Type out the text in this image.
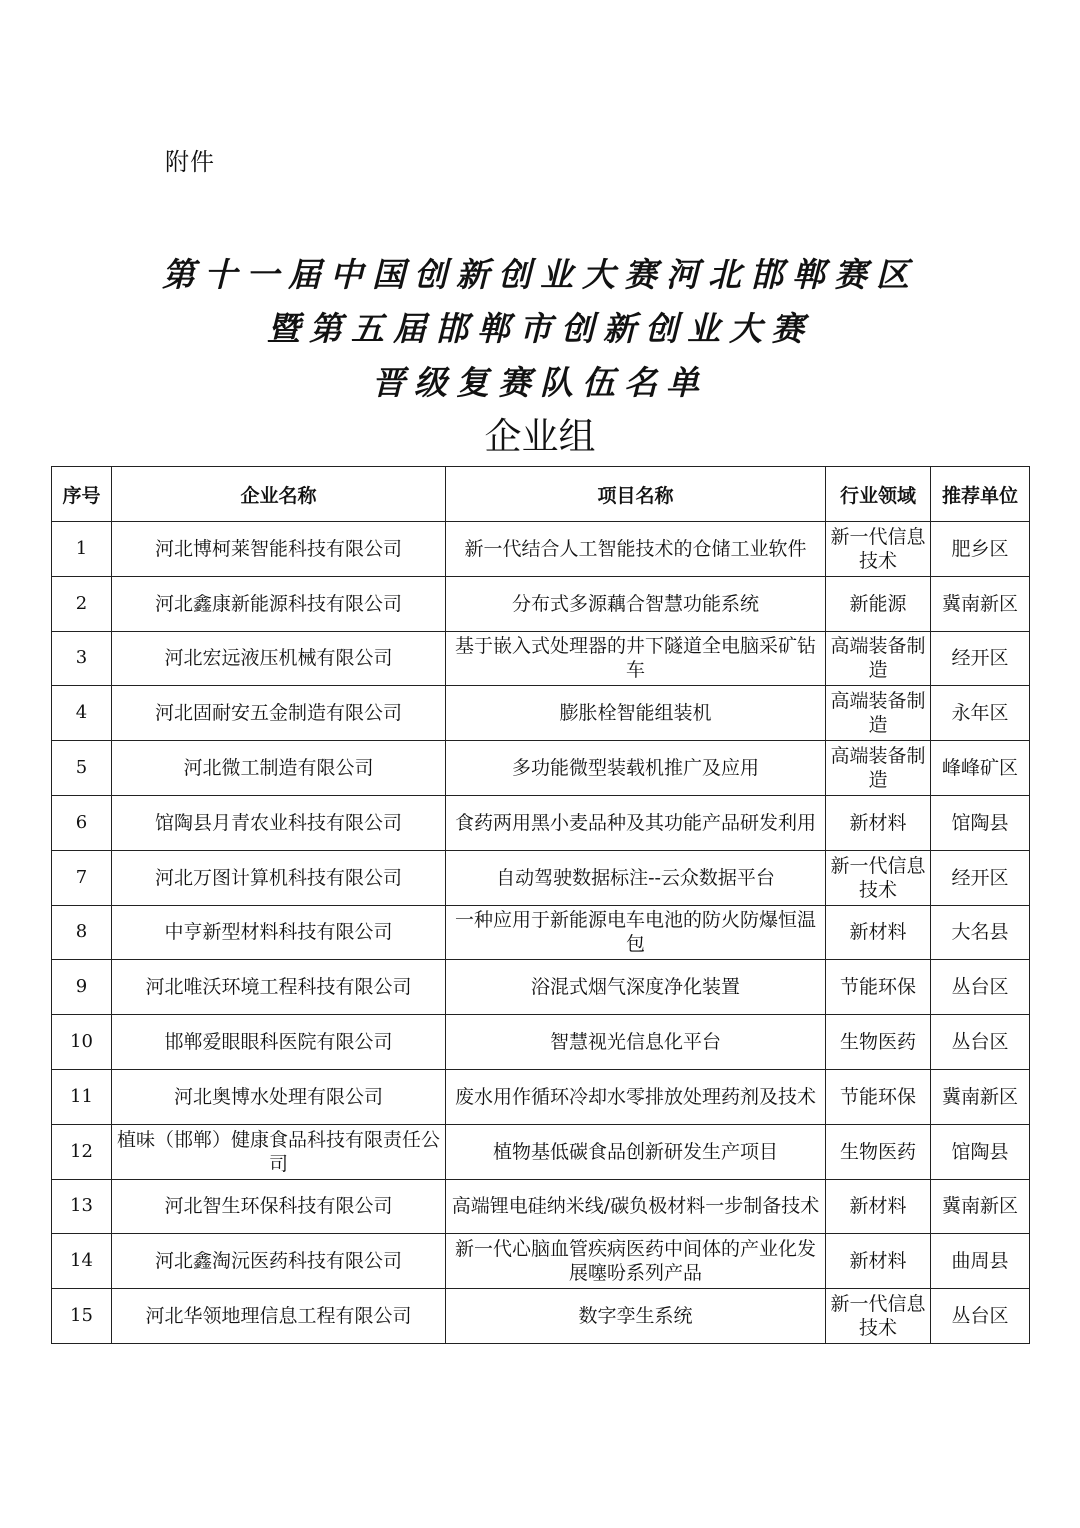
附件
第十一届中国创新创业大赛河北邯郸赛区
暨第五届邯郸市创新创业大赛
晋级复赛队伍名单
企业组
序号	企业名称	项目名称	行业领域	推荐单位
1	河北博柯莱智能科技有限公司	新一代结合人工智能技术的仓储工业软件	新一代信息技术	肥乡区
2	河北鑫康新能源科技有限公司	分布式多源藕合智慧功能系统	新能源	冀南新区
3	河北宏远液压机械有限公司	基于嵌入式处理器的井下隧道全电脑采矿钻车	高端装备制造	经开区
4	河北固耐安五金制造有限公司	膨胀栓智能组装机	高端装备制造	永年区
5	河北微工制造有限公司	多功能微型装载机推广及应用	高端装备制造	峰峰矿区
6	馆陶县月青农业科技有限公司	食药两用黑小麦品种及其功能产品研发利用	新材料	馆陶县
7	河北万图计算机科技有限公司	自动驾驶数据标注--云众数据平台	新一代信息技术	经开区
8	中亨新型材料科技有限公司	一种应用于新能源电车电池的防火防爆恒温包	新材料	大名县
9	河北唯沃环境工程科技有限公司	浴混式烟气深度净化装置	节能环保	丛台区
10	邯郸爱眼眼科医院有限公司	智慧视光信息化平台	生物医药	丛台区
11	河北奥博水处理有限公司	废水用作循环冷却水零排放处理药剂及技术	节能环保	冀南新区
12	植味（邯郸）健康食品科技有限责任公司	植物基低碳食品创新研发生产项目	生物医药	馆陶县
13	河北智生环保科技有限公司	高端锂电硅纳米线/碳负极材料一步制备技术	新材料	冀南新区
14	河北鑫淘沅医药科技有限公司	新一代心脑血管疾病医药中间体的产业化发展噻吩系列产品	新材料	曲周县
15	河北华领地理信息工程有限公司	数字孪生系统	新一代信息技术	丛台区
